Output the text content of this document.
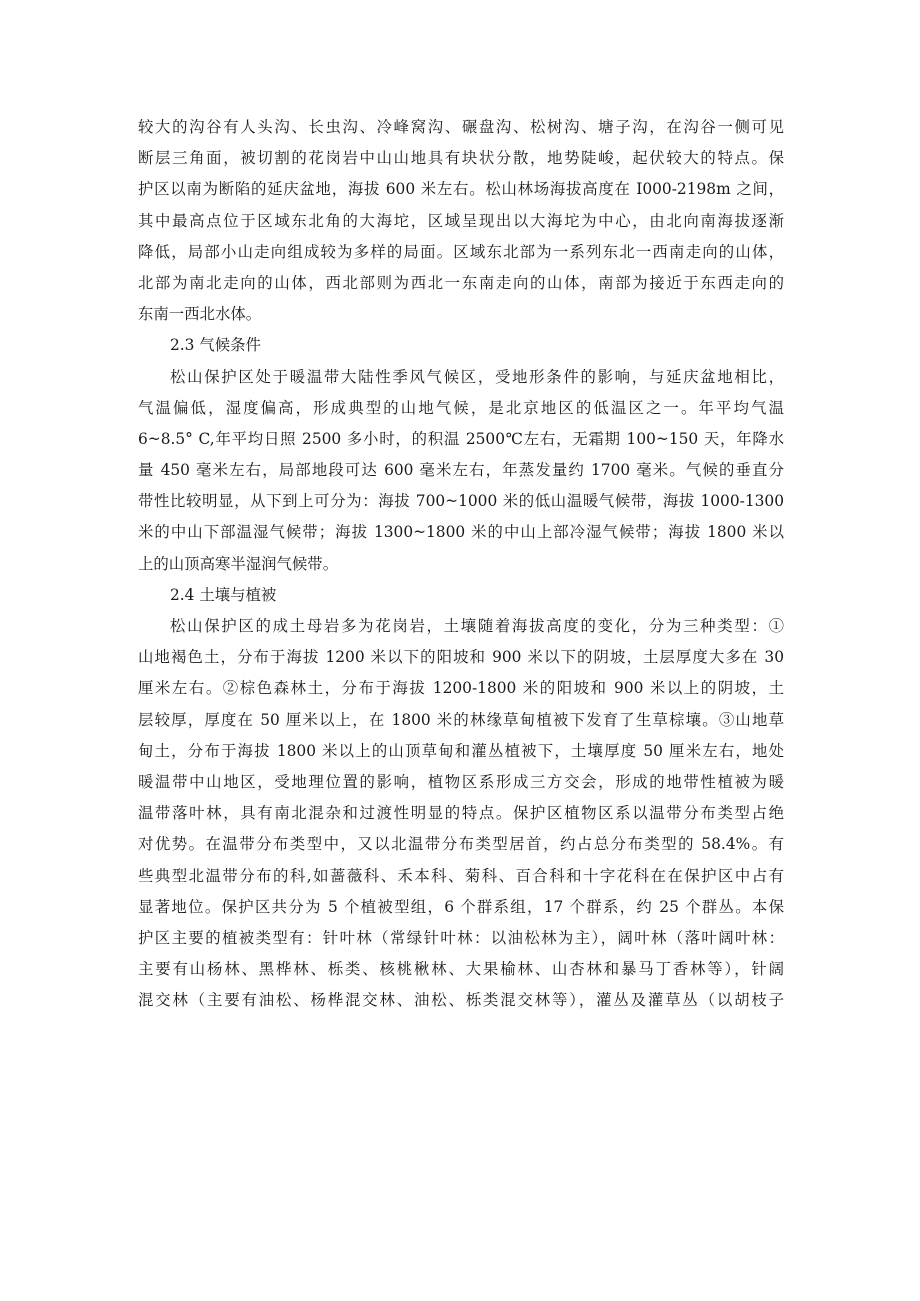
较大的沟谷有人头沟、长虫沟、冷峰窝沟、碾盘沟、松树沟、塘子沟，在沟谷一侧可见
断层三角面，被切割的花岗岩中山山地具有块状分散，地势陡峻，起伏较大的特点。保
护区以南为断陷的延庆盆地，海拔 600 米左右。松山林场海拔高度在 I000-2198m 之间，
其中最高点位于区域东北角的大海坨，区域呈现出以大海坨为中心，由北向南海拔逐渐
降低，局部小山走向组成较为多样的局面。区域东北部为一系列东北一西南走向的山体，
北部为南北走向的山体，西北部则为西北一东南走向的山体，南部为接近于东西走向的
东南一西北水体。
2.3 气候条件
松山保护区处于暖温带大陆性季风气候区，受地形条件的影响，与延庆盆地相比，
气温偏低，湿度偏高，形成典型的山地气候，是北京地区的低温区之一。年平均气温
6~8.5° C,年平均日照 2500 多小时，的积温 2500℃左右，无霜期 100~150 天，年降水
量 450 毫米左右，局部地段可达 600 毫米左右，年蒸发量约 1700 毫米。气候的垂直分
带性比较明显，从下到上可分为：海拔 700~1000 米的低山温暖气候带，海拔 1000-1300
米的中山下部温湿气候带；海拔 1300~1800 米的中山上部冷湿气候带；海拔 1800 米以
上的山顶高寒半湿润气候带。
2.4 土壤与植被
松山保护区的成土母岩多为花岗岩，土壤随着海拔高度的变化，分为三种类型：①
山地褐色土，分布于海拔 1200 米以下的阳坡和 900 米以下的阴坡，土层厚度大多在 30
厘米左右。②棕色森林土，分布于海拔 1200-1800 米的阳坡和 900 米以上的阴坡，土
层较厚，厚度在 50 厘米以上，在 1800 米的林缘草甸植被下发育了生草棕壤。③山地草
甸土，分布于海拔 1800 米以上的山顶草甸和灌丛植被下，土壤厚度 50 厘米左右，地处
暖温带中山地区，受地理位置的影响，植物区系形成三方交会，形成的地带性植被为暖
温带落叶林，具有南北混杂和过渡性明显的特点。保护区植物区系以温带分布类型占绝
对优势。在温带分布类型中，又以北温带分布类型居首，约占总分布类型的 58.4%。有
些典型北温带分布的科,如蔷薇科、禾本科、菊科、百合科和十字花科在在保护区中占有
显著地位。保护区共分为 5 个植被型组，6 个群系组，17 个群系，约 25 个群丛。本保
护区主要的植被类型有：针叶林（常绿针叶林：以油松林为主），阔叶林（落叶阔叶林：
主要有山杨林、黑桦林、栎类、核桃楸林、大果榆林、山杏林和暴马丁香林等），针阔
混交林（主要有油松、杨桦混交林、油松、栎类混交林等），灌丛及灌草丛（以胡枝子
